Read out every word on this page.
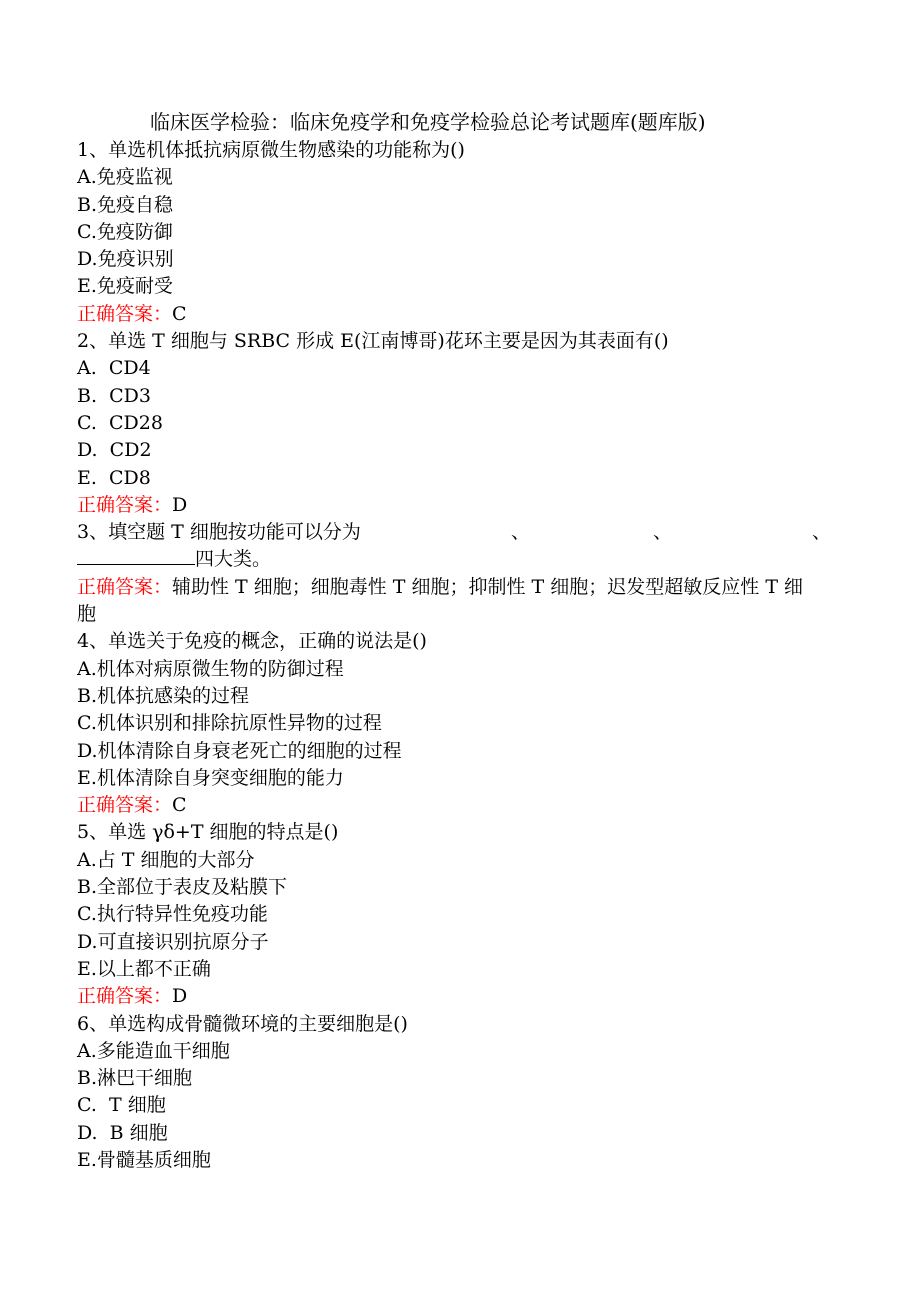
临床医学检验：临床免疫学和免疫学检验总论考试题库(题库版)
1、单选机体抵抗病原微生物感染的功能称为()
A.免疫监视
B.免疫自稳
C.免疫防御
D.免疫识别
E.免疫耐受
正确答案：C
2、单选 T 细胞与 SRBC 形成 E(江南博哥)花环主要是因为其表面有()
A.  CD4
B.  CD3
C.  CD28
D.  CD2
E.  CD8
正确答案：D
3、填空题 T 细胞按功能可以分为	、	、	、
四大类。
正确答案：辅助性 T 细胞；细胞毒性 T 细胞；抑制性 T 细胞；迟发型超敏反应性 T 细胞
4、单选关于免疫的概念，正确的说法是()
A.机体对病原微生物的防御过程
B.机体抗感染的过程
C.机体识别和排除抗原性异物的过程
D.机体清除自身衰老死亡的细胞的过程
E.机体清除自身突变细胞的能力
正确答案：C
5、单选 γδ+T 细胞的特点是()
A.占 T 细胞的大部分
B.全部位于表皮及粘膜下
C.执行特异性免疫功能
D.可直接识别抗原分子
E.以上都不正确
正确答案：D
6、单选构成骨髓微环境的主要细胞是()
A.多能造血干细胞
B.淋巴干细胞
C.  T 细胞
D.  B 细胞
E.骨髓基质细胞
